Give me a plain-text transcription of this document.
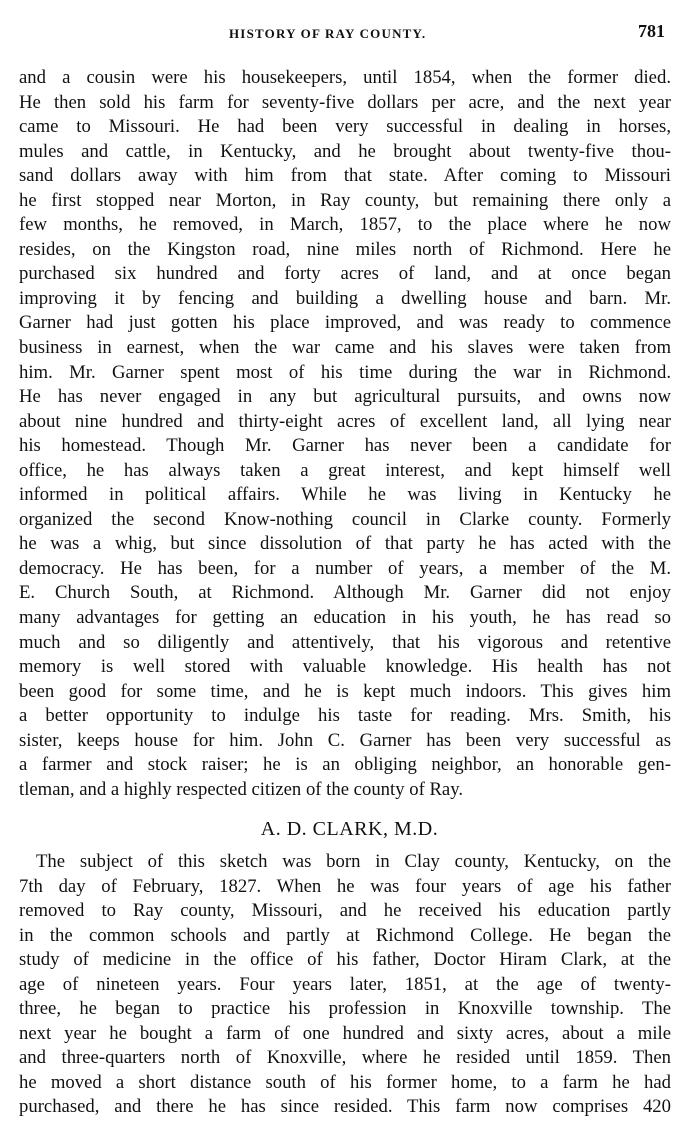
HISTORY OF RAY COUNTY.	781
and a cousin were his housekeepers, until 1854, when the former died.
He then sold his farm for seventy-five dollars per acre, and the next year
came to Missouri. He had been very successful in dealing in horses,
mules and cattle, in Kentucky, and he brought about twenty-five thou-
sand dollars away with him from that state. After coming to Missouri
he first stopped near Morton, in Ray county, but remaining there only a
few months, he removed, in March, 1857, to the place where he now
resides, on the Kingston road, nine miles north of Richmond. Here he
purchased six hundred and forty acres of land, and at once began
improving it by fencing and building a dwelling house and barn. Mr.
Garner had just gotten his place improved, and was ready to commence
business in earnest, when the war came and his slaves were taken from
him. Mr. Garner spent most of his time during the war in Richmond.
He has never engaged in any but agricultural pursuits, and owns now
about nine hundred and thirty-eight acres of excellent land, all lying near
his homestead. Though Mr. Garner has never been a candidate for
office, he has always taken a great interest, and kept himself well
informed in political affairs. While he was living in Kentucky he
organized the second Know-nothing council in Clarke county. Formerly
he was a whig, but since dissolution of that party he has acted with the
democracy. He has been, for a number of years, a member of the M.
E. Church South, at Richmond. Although Mr. Garner did not enjoy
many advantages for getting an education in his youth, he has read so
much and so diligently and attentively, that his vigorous and retentive
memory is well stored with valuable knowledge. His health has not
been good for some time, and he is kept much indoors. This gives him
a better opportunity to indulge his taste for reading. Mrs. Smith, his
sister, keeps house for him. John C. Garner has been very successful as
a farmer and stock raiser; he is an obliging neighbor, an honorable gen-
tleman, and a highly respected citizen of the county of Ray.
A. D. CLARK, M.D.
The subject of this sketch was born in Clay county, Kentucky, on the
7th day of February, 1827. When he was four years of age his father
removed to Ray county, Missouri, and he received his education partly
in the common schools and partly at Richmond College. He began the
study of medicine in the office of his father, Doctor Hiram Clark, at the
age of nineteen years. Four years later, 1851, at the age of twenty-
three, he began to practice his profession in Knoxville township. The
next year he bought a farm of one hundred and sixty acres, about a mile
and three-quarters north of Knoxville, where he resided until 1859. Then
he moved a short distance south of his former home, to a farm he had
purchased, and there he has since resided. This farm now comprises 420
